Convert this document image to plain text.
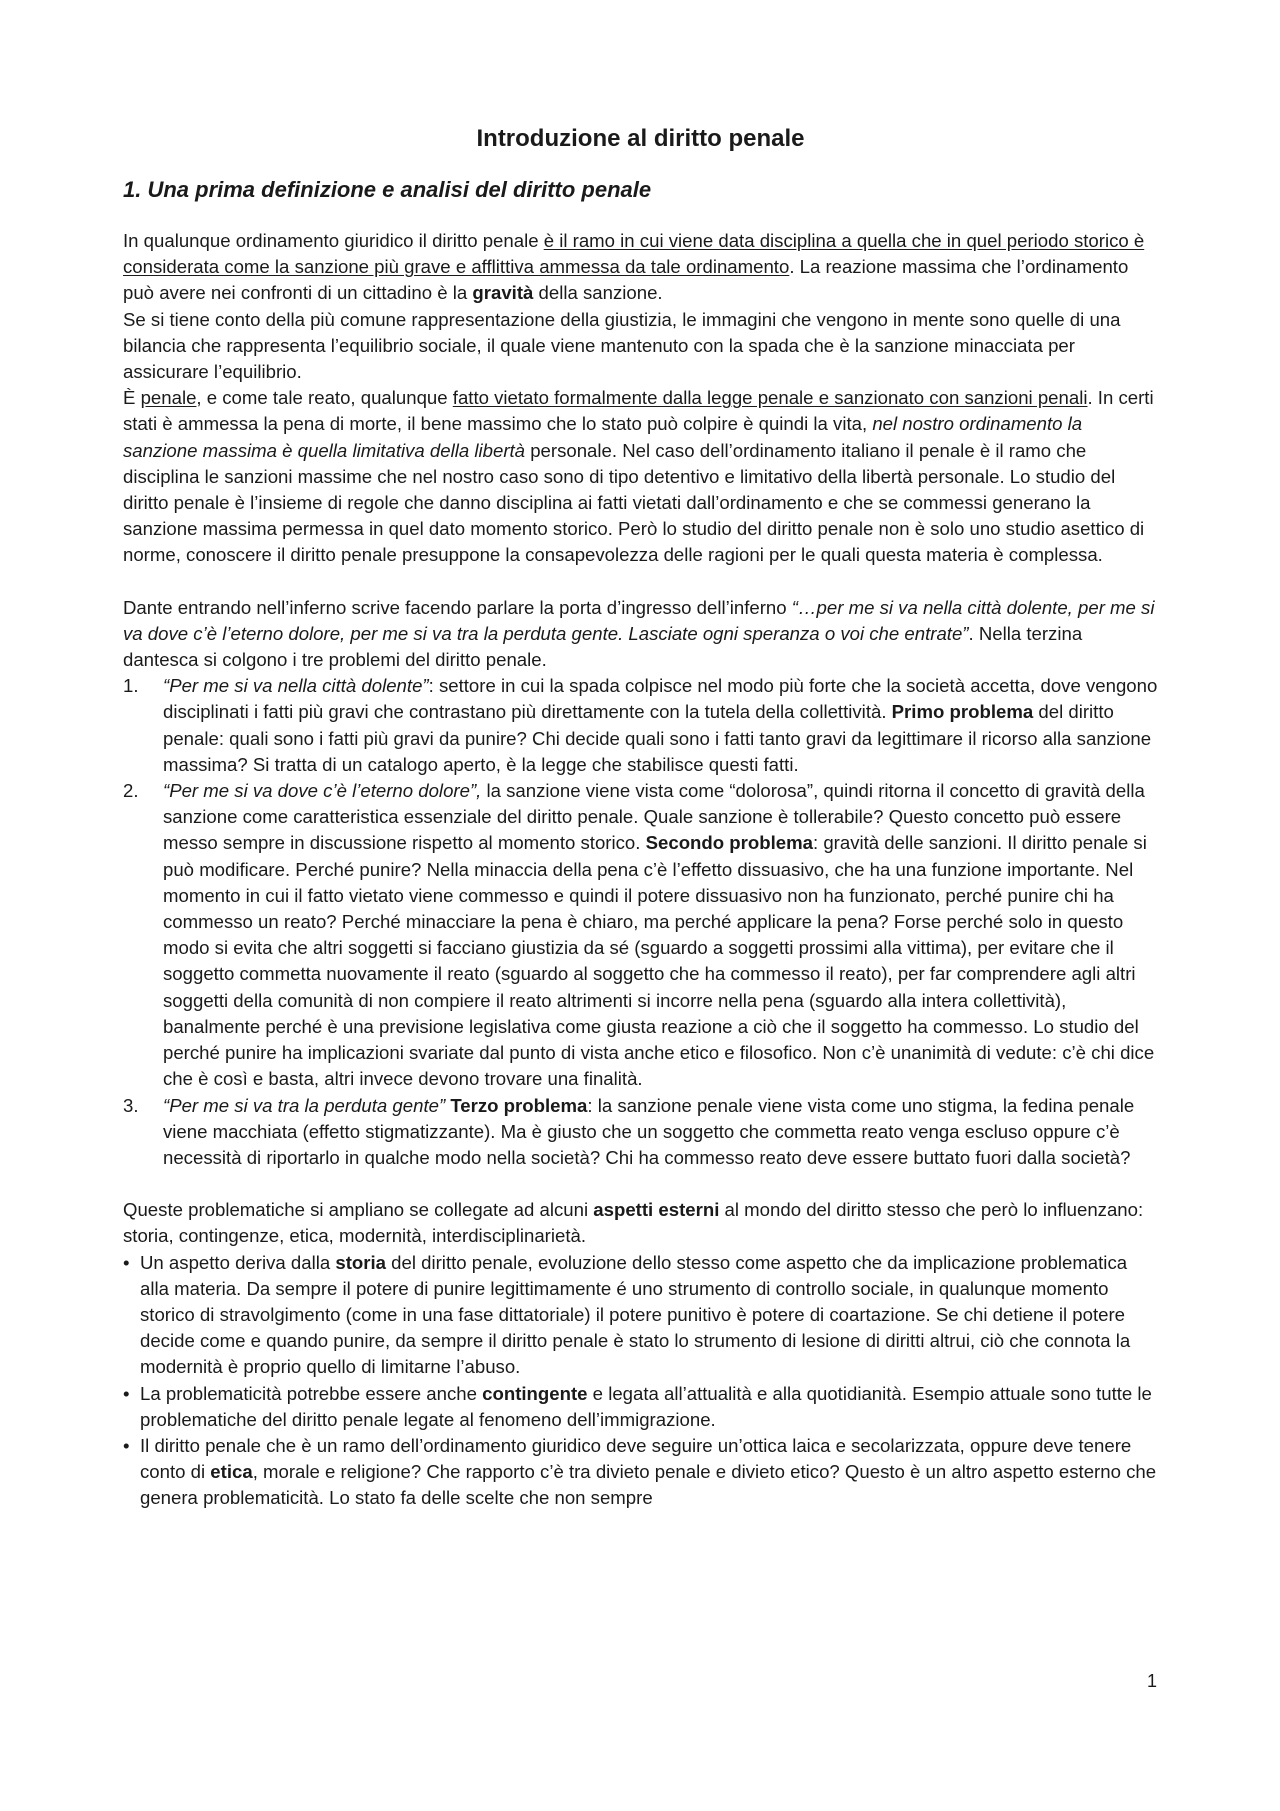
Introduzione al diritto penale
1. Una prima definizione e analisi del diritto penale

In qualunque ordinamento giuridico il diritto penale è il ramo in cui viene data disciplina a quella che in quel periodo storico è considerata come la sanzione più grave e afflittiva ammessa da tale ordinamento. La reazione massima che l’ordinamento può avere nei confronti di un cittadino è la gravità della sanzione.

Se si tiene conto della più comune rappresentazione della giustizia, le immagini che vengono in mente sono quelle di una bilancia che rappresenta l’equilibrio sociale, il quale viene mantenuto con la spada che è la sanzione minacciata per assicurare l’equilibrio.

È penale, e come tale reato, qualunque fatto vietato formalmente dalla legge penale e sanzionato con sanzioni penali. In certi stati è ammessa la pena di morte, il bene massimo che lo stato può colpire è quindi la vita, nel nostro ordinamento la sanzione massima è quella limitativa della libertà personale. Nel caso dell’ordinamento italiano il penale è il ramo che disciplina le sanzioni massime che nel nostro caso sono di tipo detentivo e limitativo della libertà personale. Lo studio del diritto penale è l’insieme di regole che danno disciplina ai fatti vietati dall’ordinamento e che se commessi generano la sanzione massima permessa in quel dato momento storico. Però lo studio del diritto penale non è solo uno studio asettico di norme, conoscere il diritto penale presuppone la consapevolezza delle ragioni per le quali questa materia è complessa.

Dante entrando nell’inferno scrive facendo parlare la porta d’ingresso dell’inferno “…per me si va nella città dolente, per me si va dove c’è l’eterno dolore, per me si va tra la perduta gente. Lasciate ogni speranza o voi che entrate”. Nella terzina dantesca si colgono i tre problemi del diritto penale.

1. “Per me si va nella città dolente”: settore in cui la spada colpisce nel modo più forte che la società accetta, dove vengono disciplinati i fatti più gravi che contrastano più direttamente con la tutela della collettività. Primo problema del diritto penale: quali sono i fatti più gravi da punire? Chi decide quali sono i fatti tanto gravi da legittimare il ricorso alla sanzione massima? Si tratta di un catalogo aperto, è la legge che stabilisce questi fatti.
2. “Per me si va dove c’è l’eterno dolore”, la sanzione viene vista come “dolorosa”, quindi ritorna il concetto di gravità della sanzione come caratteristica essenziale del diritto penale. Quale sanzione è tollerabile? Questo concetto può essere messo sempre in discussione rispetto al momento storico. Secondo problema: gravità delle sanzioni. Il diritto penale si può modificare. Perché punire? Nella minaccia della pena c’è l’effetto dissuasivo, che ha una funzione importante. Nel momento in cui il fatto vietato viene commesso e quindi il potere dissuasivo non ha funzionato, perché punire chi ha commesso un reato? Perché minacciare la pena è chiaro, ma perché applicare la pena? Forse perché solo in questo modo si evita che altri soggetti si facciano giustizia da sé (sguardo a soggetti prossimi alla vittima), per evitare che il soggetto commetta nuovamente il reato (sguardo al soggetto che ha commesso il reato), per far comprendere agli altri soggetti della comunità di non compiere il reato altrimenti si incorre nella pena (sguardo alla intera collettività), banalmente perché è una previsione legislativa come giusta reazione a ciò che il soggetto ha commesso. Lo studio del perché punire ha implicazioni svariate dal punto di vista anche etico e filosofico. Non c’è unanimità di vedute: c’è chi dice che è così e basta, altri invece devono trovare una finalità.
3. “Per me si va tra la perduta gente” Terzo problema: la sanzione penale viene vista come uno stigma, la fedina penale viene macchiata (effetto stigmatizzante). Ma è giusto che un soggetto che commetta reato venga escluso oppure c’è necessità di riportarlo in qualche modo nella società? Chi ha commesso reato deve essere buttato fuori dalla società?

Queste problematiche si ampliano se collegate ad alcuni aspetti esterni al mondo del diritto stesso che però lo influenzano: storia, contingenze, etica, modernità, interdisciplinarietà.

• Un aspetto deriva dalla storia del diritto penale, evoluzione dello stesso come aspetto che da implicazione problematica alla materia. Da sempre il potere di punire legittimamente é uno strumento di controllo sociale, in qualunque momento storico di stravolgimento (come in una fase dittatoriale) il potere punitivo è potere di coartazione. Se chi detiene il potere decide come e quando punire, da sempre il diritto penale è stato lo strumento di lesione di diritti altrui, ciò che connota la modernità è proprio quello di limitarne l’abuso.
• La problematicità potrebbe essere anche contingente e legata all’attualità e alla quotidianità. Esempio attuale sono tutte le problematiche del diritto penale legate al fenomeno dell’immigrazione.
• Il diritto penale che è un ramo dell’ordinamento giuridico deve seguire un’ottica laica e secolarizzata, oppure deve tenere conto di etica, morale e religione? Che rapporto c’è tra divieto penale e divieto etico? Questo è un altro aspetto esterno che genera problematicità. Lo stato fa delle scelte che non sempre
1
